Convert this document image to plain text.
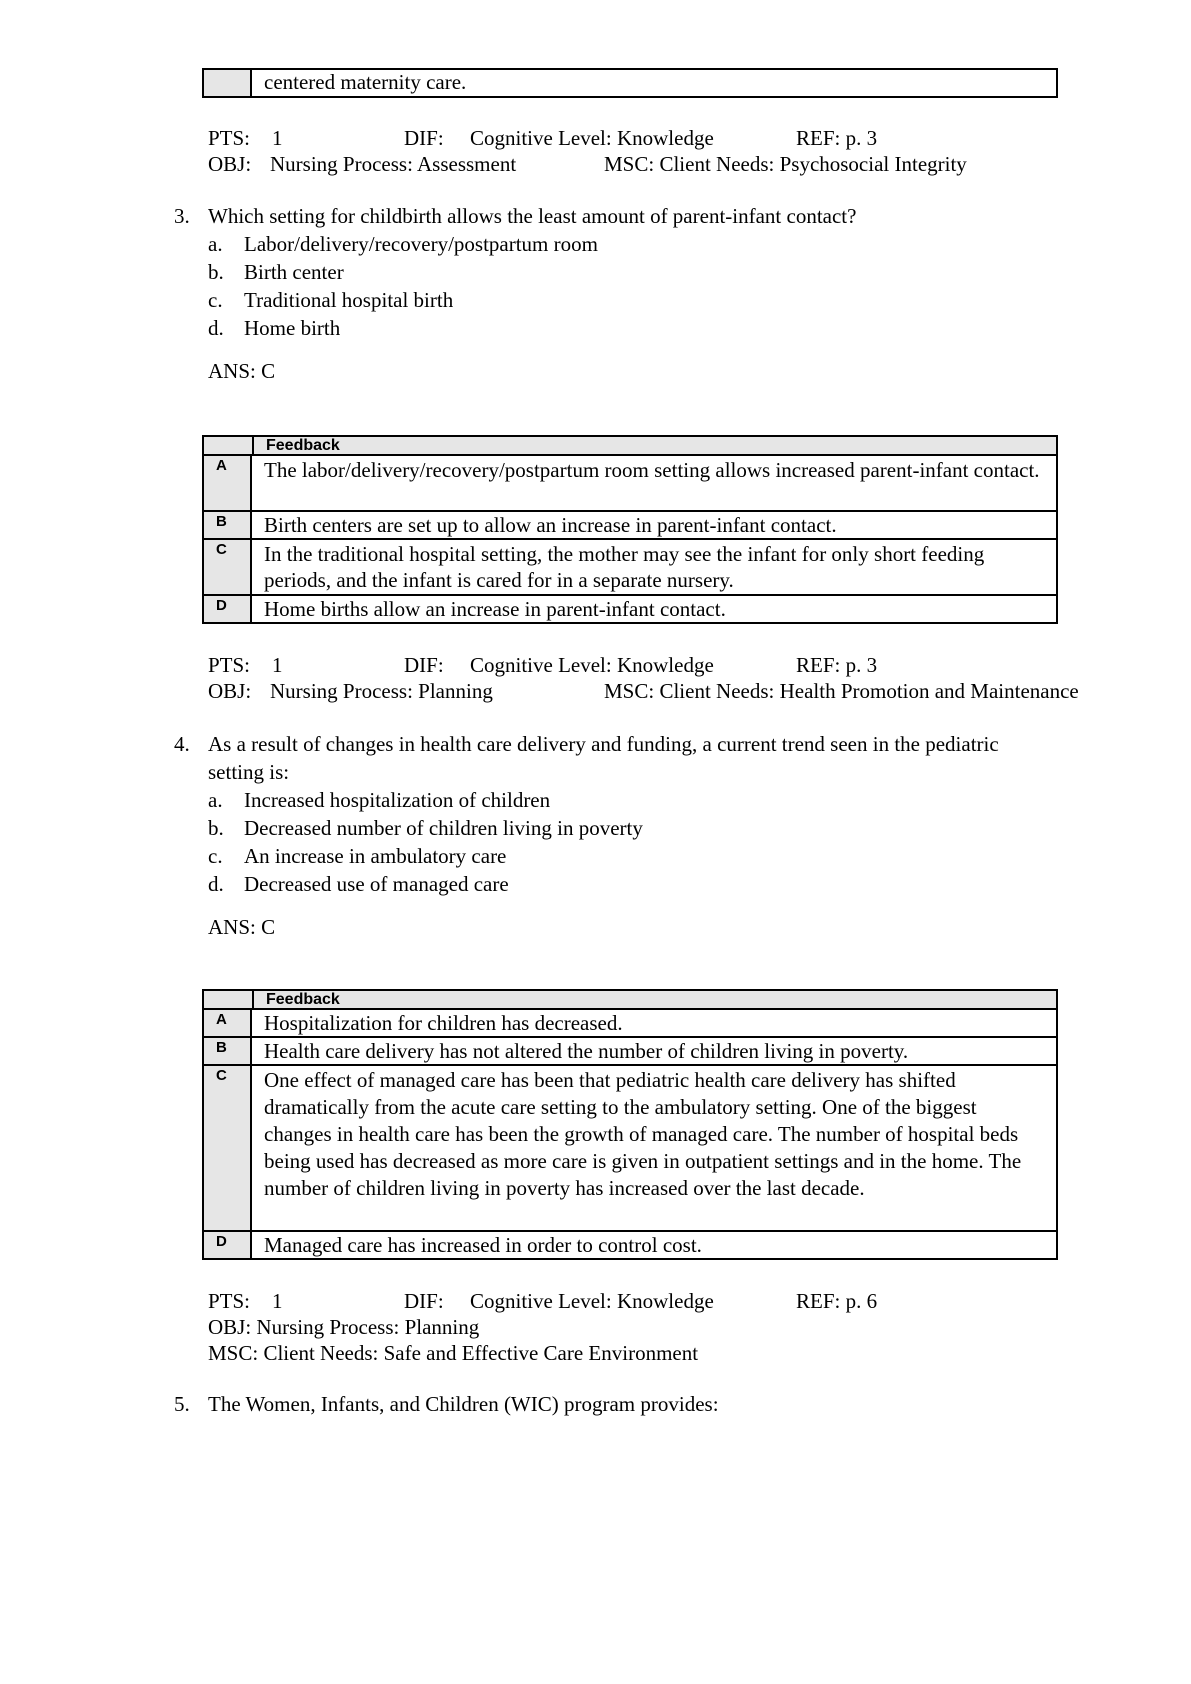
centered maternity care.
PTS: 1	DIF: Cognitive Level: Knowledge	REF: p. 3
OBJ: Nursing Process: Assessment	MSC: Client Needs: Psychosocial Integrity
3. Which setting for childbirth allows the least amount of parent-infant contact?
a. Labor/delivery/recovery/postpartum room
b. Birth center
c. Traditional hospital birth
d. Home birth
ANS: C
Feedback
A	The labor/delivery/recovery/postpartum room setting allows increased parent-infant contact.
B	Birth centers are set up to allow an increase in parent-infant contact.
C	In the traditional hospital setting, the mother may see the infant for only short feeding periods, and the infant is cared for in a separate nursery.
D	Home births allow an increase in parent-infant contact.
PTS: 1	DIF: Cognitive Level: Knowledge	REF: p. 3
OBJ: Nursing Process: Planning	MSC: Client Needs: Health Promotion and Maintenance
4. As a result of changes in health care delivery and funding, a current trend seen in the pediatric
setting is:
a. Increased hospitalization of children
b. Decreased number of children living in poverty
c. An increase in ambulatory care
d. Decreased use of managed care
ANS: C
Feedback
A	Hospitalization for children has decreased.
B	Health care delivery has not altered the number of children living in poverty.
C	One effect of managed care has been that pediatric health care delivery has shifted dramatically from the acute care setting to the ambulatory setting. One of the biggest changes in health care has been the growth of managed care. The number of hospital beds being used has decreased as more care is given in outpatient settings and in the home. The number of children living in poverty has increased over the last decade.
D	Managed care has increased in order to control cost.
PTS: 1	DIF: Cognitive Level: Knowledge	REF: p. 6
OBJ: Nursing Process: Planning
MSC: Client Needs: Safe and Effective Care Environment
5. The Women, Infants, and Children (WIC) program provides:
